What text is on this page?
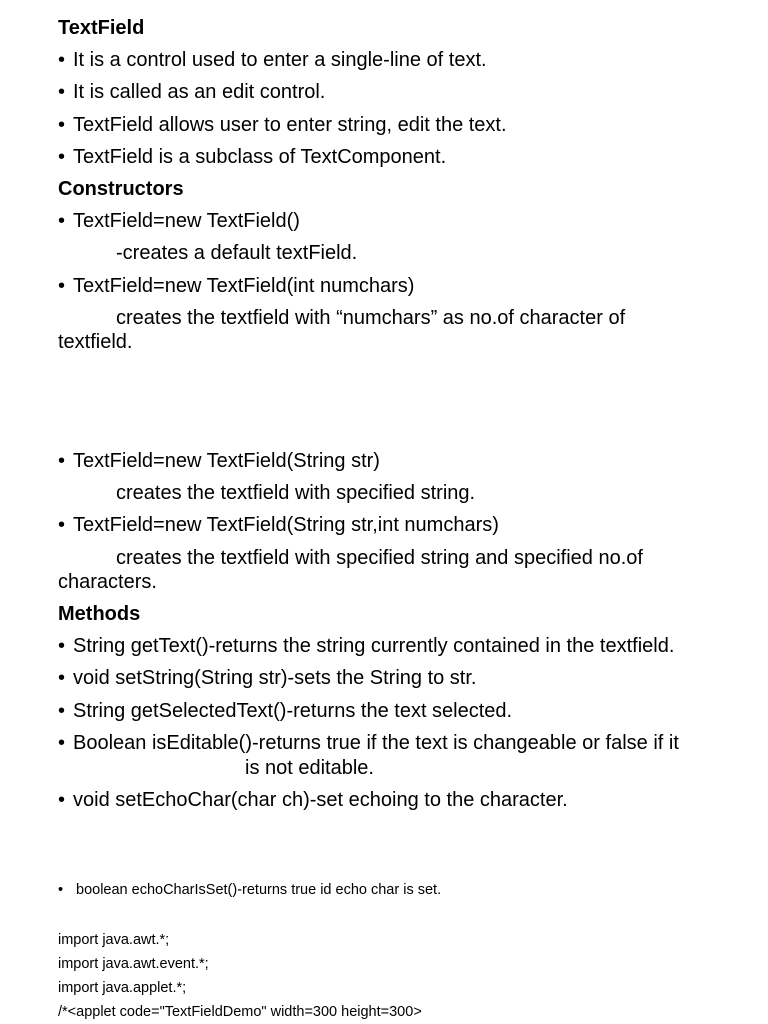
TextField
• It is a control used to enter a single-line of text.
• It is called as an edit control.
• TextField allows user to enter string, edit the text.
• TextField is a subclass of TextComponent.
Constructors
• TextField=new TextField()
-creates a default textField.
• TextField=new TextField(int numchars)
creates the textfield with “numchars” as no.of character of
textfield.
• TextField=new TextField(String str)
creates the textfield with specified string.
• TextField=new TextField(String str,int numchars)
creates the textfield with specified string and specified no.of
characters.
Methods
• String getText()-returns the string currently contained in the textfield.
• void setString(String str)-sets the String to str.
• String getSelectedText()-returns the text selected.
• Boolean isEditable()-returns true if the text is changeable or false if it
is not editable.
• void setEchoChar(char ch)-set echoing to the character.
• boolean echoCharIsSet()-returns true id echo char is set.
import java.awt.*;
import java.awt.event.*;
import java.applet.*;
/*<applet code="TextFieldDemo" width=300 height=300>
